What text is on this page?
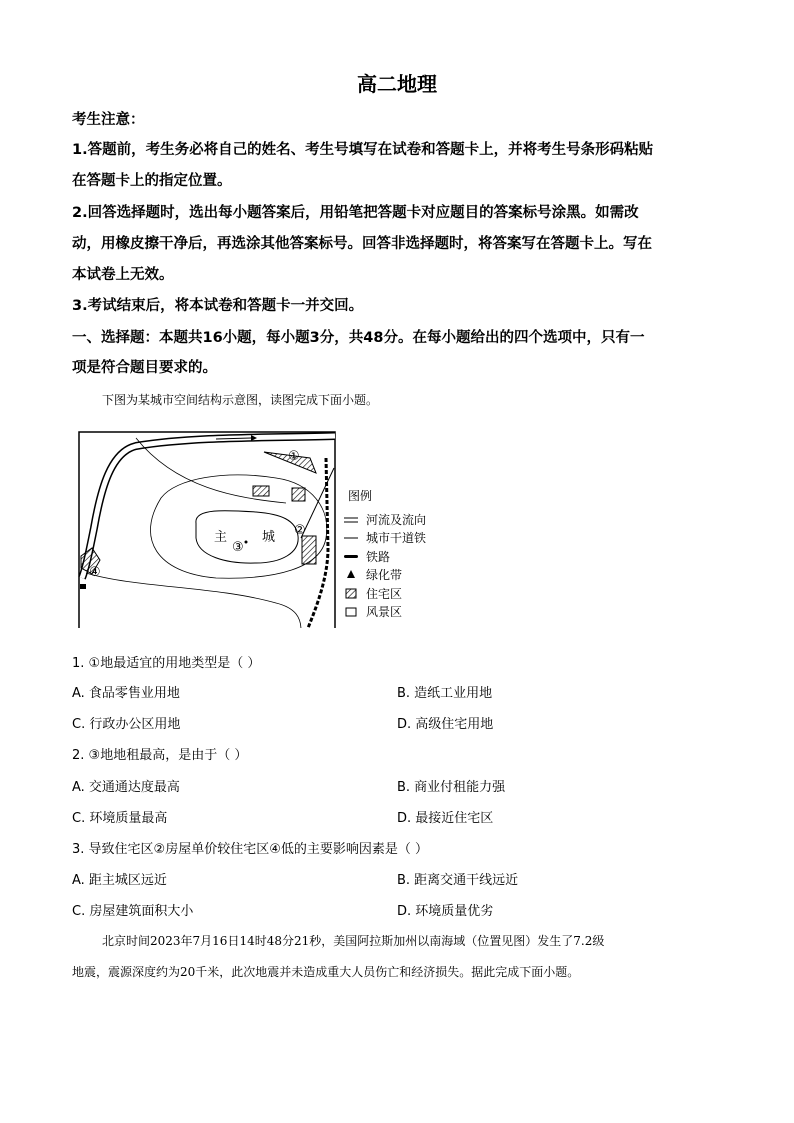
高二地理
考生注意：
1.答题前，考生务必将自己的姓名、考生号填写在试卷和答题卡上，并将考生号条形码粘贴
在答题卡上的指定位置。
2.回答选择题时，选出每小题答案后，用铅笔把答题卡对应题目的答案标号涂黑。如需改
动，用橡皮擦干净后，再选涂其他答案标号。回答非选择题时，将答案写在答题卡上。写在
本试卷上无效。
3.考试结束后，将本试卷和答题卡一并交回。
一、选择题：本题共16小题，每小题3分，共48分。在每小题给出的四个选项中，只有一
项是符合题目要求的。
下图为某城市空间结构示意图，读图完成下面小题。
主	城
③
①
②
④
图例
河流及流向
城市干道铁
铁路
绿化带
住宅区
风景区
1. ①地最适宜的用地类型是（ ）
A. 食品零售业用地	B. 造纸工业用地
C. 行政办公区用地	D. 高级住宅用地
2. ③地地租最高，是由于（ ）
A. 交通通达度最高	B. 商业付租能力强
C. 环境质量最高	D. 最接近住宅区
3. 导致住宅区②房屋单价较住宅区④低的主要影响因素是（ ）
A. 距主城区远近	B. 距离交通干线远近
C. 房屋建筑面积大小	D. 环境质量优劣
北京时间2023年7月16日14时48分21秒，美国阿拉斯加州以南海域（位置见图）发生了7.2级
地震，震源深度约为20千米，此次地震并未造成重大人员伤亡和经济损失。据此完成下面小题。
